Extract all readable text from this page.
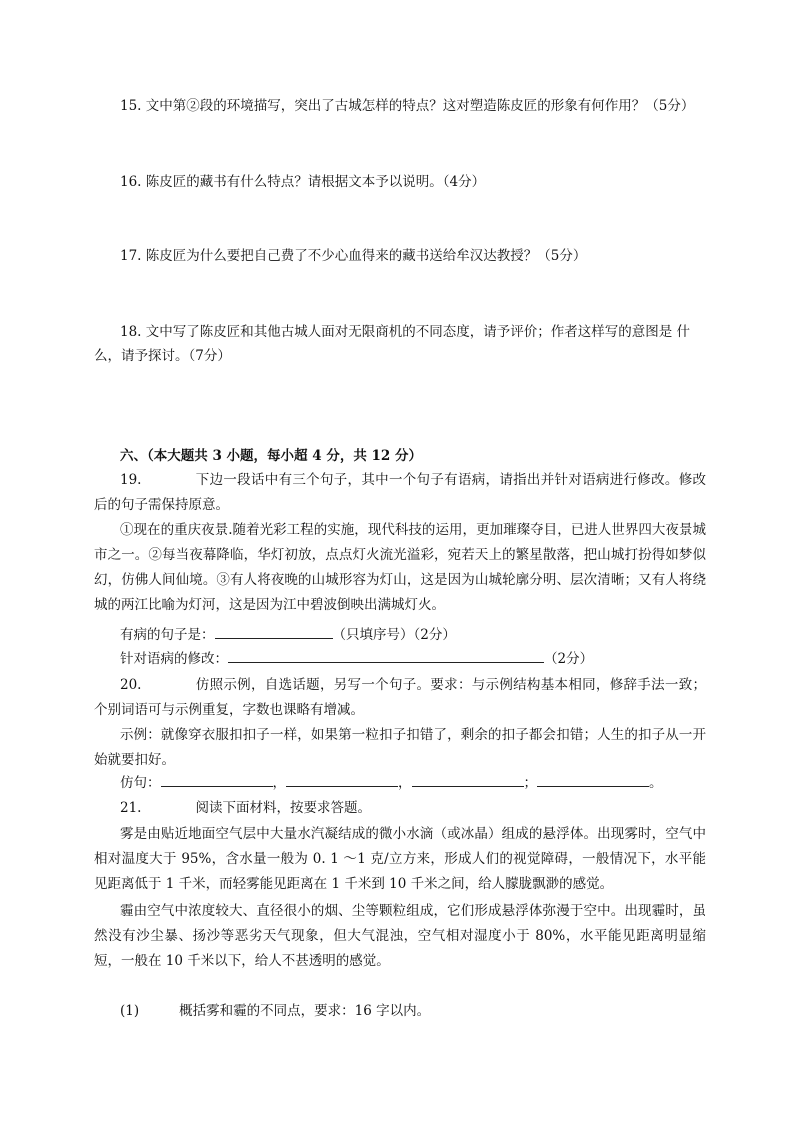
15. 文中第②段的环境描写，突出了古城怎样的特点？这对塑造陈皮匠的形象有何作用？（5分）
16. 陈皮匠的藏书有什么特点？请根据文本予以说明。（4分）
17. 陈皮匠为什么要把自己费了不少心血得来的藏书送给牟汉达教授？（5分）
18. 文中写了陈皮匠和其他古城人面对无限商机的不同态度，请予评价；作者这样写的意图是 什
么，请予探讨。（7分）
六、（本大题共 3 小题，每小超 4 分，共 12 分）
19.	下边一段话中有三个句子，其中一个句子有语病，请指出并针对语病进行修改。修改后的句子需保持原意。
①现在的重庆夜景.随着光彩工程的实施，现代科技的运用，更加璀璨夺目，已进人世界四大夜景城市之一。②每当夜幕降临，华灯初放，点点灯火流光溢彩，宛若天上的繁星散落，把山城打扮得如梦似幻，仿佛人间仙境。③有人将夜晚的山城形容为灯山，这是因为山城轮廓分明、层次清晰；又有人将绕城的两江比喻为灯河，这是因为江中碧波倒映出满城灯火。
有病的句子是：	（只填序号）（2分）
针对语病的修改：	（2分）
20.	仿照示例，自选话题，另写一个句子。要求：与示例结构基本相同，修辞手法一致；个别词语可与示例重复，字数也课略有增减。
示例：就像穿衣服扣扣子一样，如果第一粒扣子扣错了，剩余的扣子都会扣错；人生的扣子从一开始就要扣好。
仿句：	，	，	；	。
21.	阅读下面材料，按要求答题。
雾是由贴近地面空气层中大量水汽凝结成的微小水滴（或冰晶）组成的悬浮体。出现雾时，空气中相对温度大于 95%，含水量一般为 0. 1 ～1 克/立方来，形成人们的视觉障碍，一般情况下，水平能见距离低于 1 千米，而轻雾能见距离在 1 千米到 10 千米之间，给人朦胧飘渺的感觉。
霾由空气中浓度较大、直径很小的烟、尘等颗粒组成，它们形成悬浮体弥漫于空中。出现霾时，虽然没有沙尘暴、扬沙等恶劣天气现象，但大气混浊，空气相对湿度小于 80%，水平能见距离明显缩短，一般在 10 千米以下，给人不甚透明的感觉。
(1)	概括雾和霾的不同点，要求：16 字以内。
